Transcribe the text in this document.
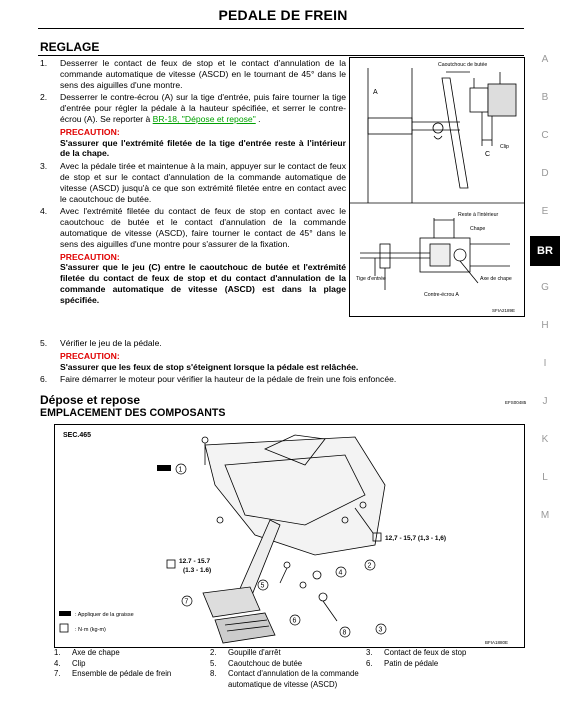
PEDALE DE FREIN
REGLAGE
1.	Desserrer le contact de feux de stop et le contact d'annulation de la commande automatique de vitesse (ASCD) en le tournant de 45° dans le sens des aiguilles d'une montre.
2.	Desserrer le contre-écrou (A) sur la tige d'entrée, puis faire tourner la tige d'entrée pour régler la pédale à la hauteur spécifiée, et serrer le contre-écrou (A). Se reporter à BR-18, "Dépose et repose" .
PRECAUTION:
S'assurer que l'extrémité filetée de la tige d'entrée reste à l'intérieur de la chape.
3.	Avec la pédale tirée et maintenue à la main, appuyer sur le contact de feux de stop et sur le contact d'annulation de la commande automatique de vitesse (ASCD) jusqu'à ce que son extrémité filetée entre en contact avec le caoutchouc de butée.
4.	Avec l'extrémité filetée du contact de feux de stop en contact avec le caoutchouc de butée et le contact d'annulation de la commande automatique de vitesse (ASCD), faire tourner le contact de 45° dans le sens des aiguilles d'une montre pour s'assurer de la fixation.
PRECAUTION:
S'assurer que le jeu (C) entre le caoutchouc de butée et l'extrémité filetée du contact de feux de stop et du contact d'annulation de la commande automatique de vitesse (ASCD) est dans la plage spécifiée.
5.	Vérifier le jeu de la pédale.
PRECAUTION:
S'assurer que les feux de stop s'éteignent lorsque la pédale est relâchée.
6.	Faire démarrer le moteur pour vérifier la hauteur de la pédale de frein une fois enfoncée.
Caoutchouc de butée
Clip
A
C
Reste à l'intérieur
Chape
Tige d'entrée	Axe de chape
Contre-écrou A
SFIA2189E
EFS00485
Dépose et repose
EMPLACEMENT DES COMPOSANTS
SEC.465
12.7 - 15.7
(1.3 - 1.6)
12,7 - 15,7 (1,3 - 1,6)
1
2
3
4
5
6
7
8
: Appliquer de la graisse
: N·m (kg-m)
BFIA1880E
1.	Axe de chape	2.	Goupille d'arrêt	3.	Contact de feux de stop
4.	Clip	5.	Caoutchouc de butée	6.	Patin de pédale
7.	Ensemble de pédale de frein	8.	Contact d'annulation de la commande automatique de vitesse (ASCD)
A
B
C
D
E
BR
G
H
I
J
K
L
M
